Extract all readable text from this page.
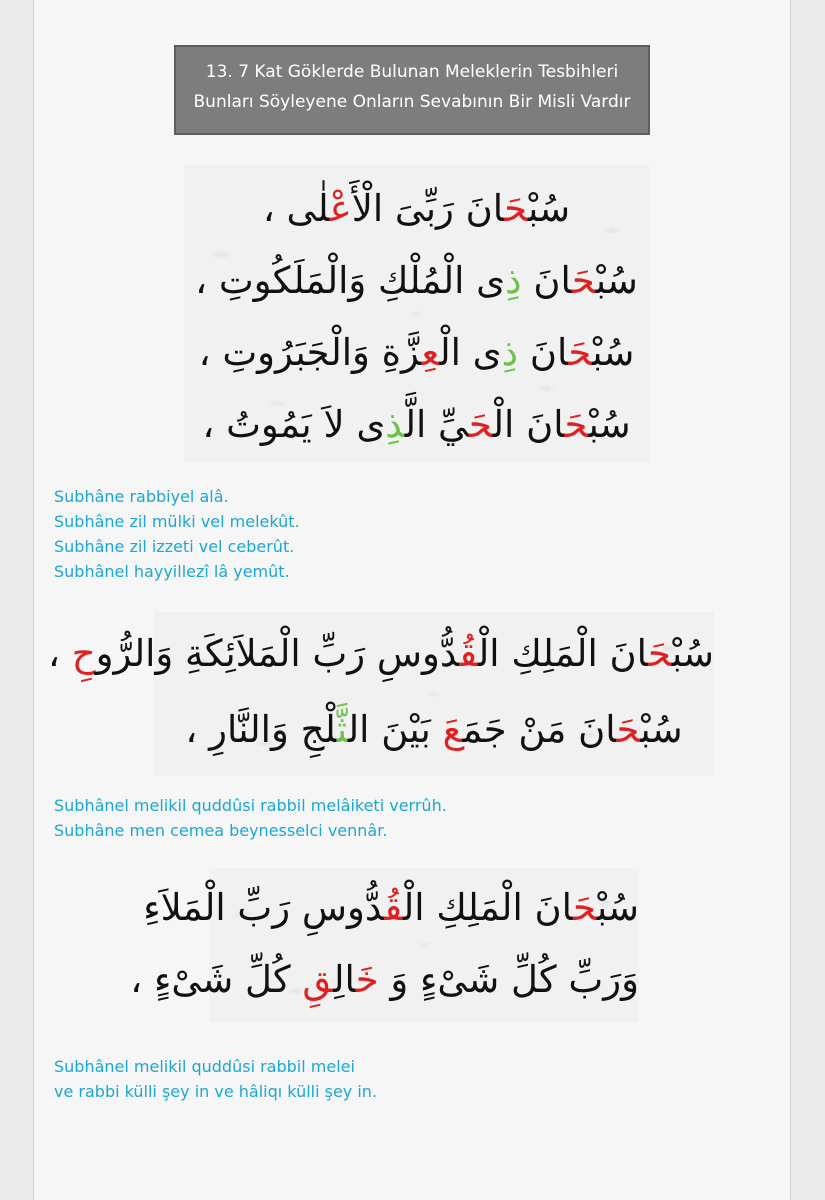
13. 7 Kat Göklerde Bulunan Meleklerin Tesbihleri
Bunları Söyleyene Onların Sevabının Bir Misli Vardır
سُبْحَانَ رَبِّىَ الْأَعْلٰى ،
سُبْحَانَ ذِى الْمُلْكِ وَالْمَلَكُوتِ ،
سُبْحَانَ ذِى الْعِزَّةِ وَالْجَبَرُوتِ ،
سُبْحَانَ الْحَيِّ الَّذِى لاَ يَمُوتُ ،
Subhâne rabbiyel alâ.
Subhâne zil mülki vel melekût.
Subhâne zil izzeti vel ceberût.
Subhânel hayyillezî lâ yemût.
سُبْحَانَ الْمَلِكِ الْقُدُّوسِ رَبِّ الْمَلاَئِكَةِ وَالرُّوحِ ،
سُبْحَانَ مَنْ جَمَعَ بَيْنَ الثَّلْجِ وَالنَّارِ ،
Subhânel melikil quddûsi rabbil melâiketi verrûh.
Subhâne men cemea beynesselci vennâr.
سُبْحَانَ الْمَلِكِ الْقُدُّوسِ رَبِّ الْمَلاَءِ
وَرَبِّ كُلِّ شَىْءٍ وَ خَالِقِ كُلِّ شَىْءٍ ،
Subhânel melikil quddûsi rabbil melei
ve rabbi külli şey in ve hâliqı külli şey in.
